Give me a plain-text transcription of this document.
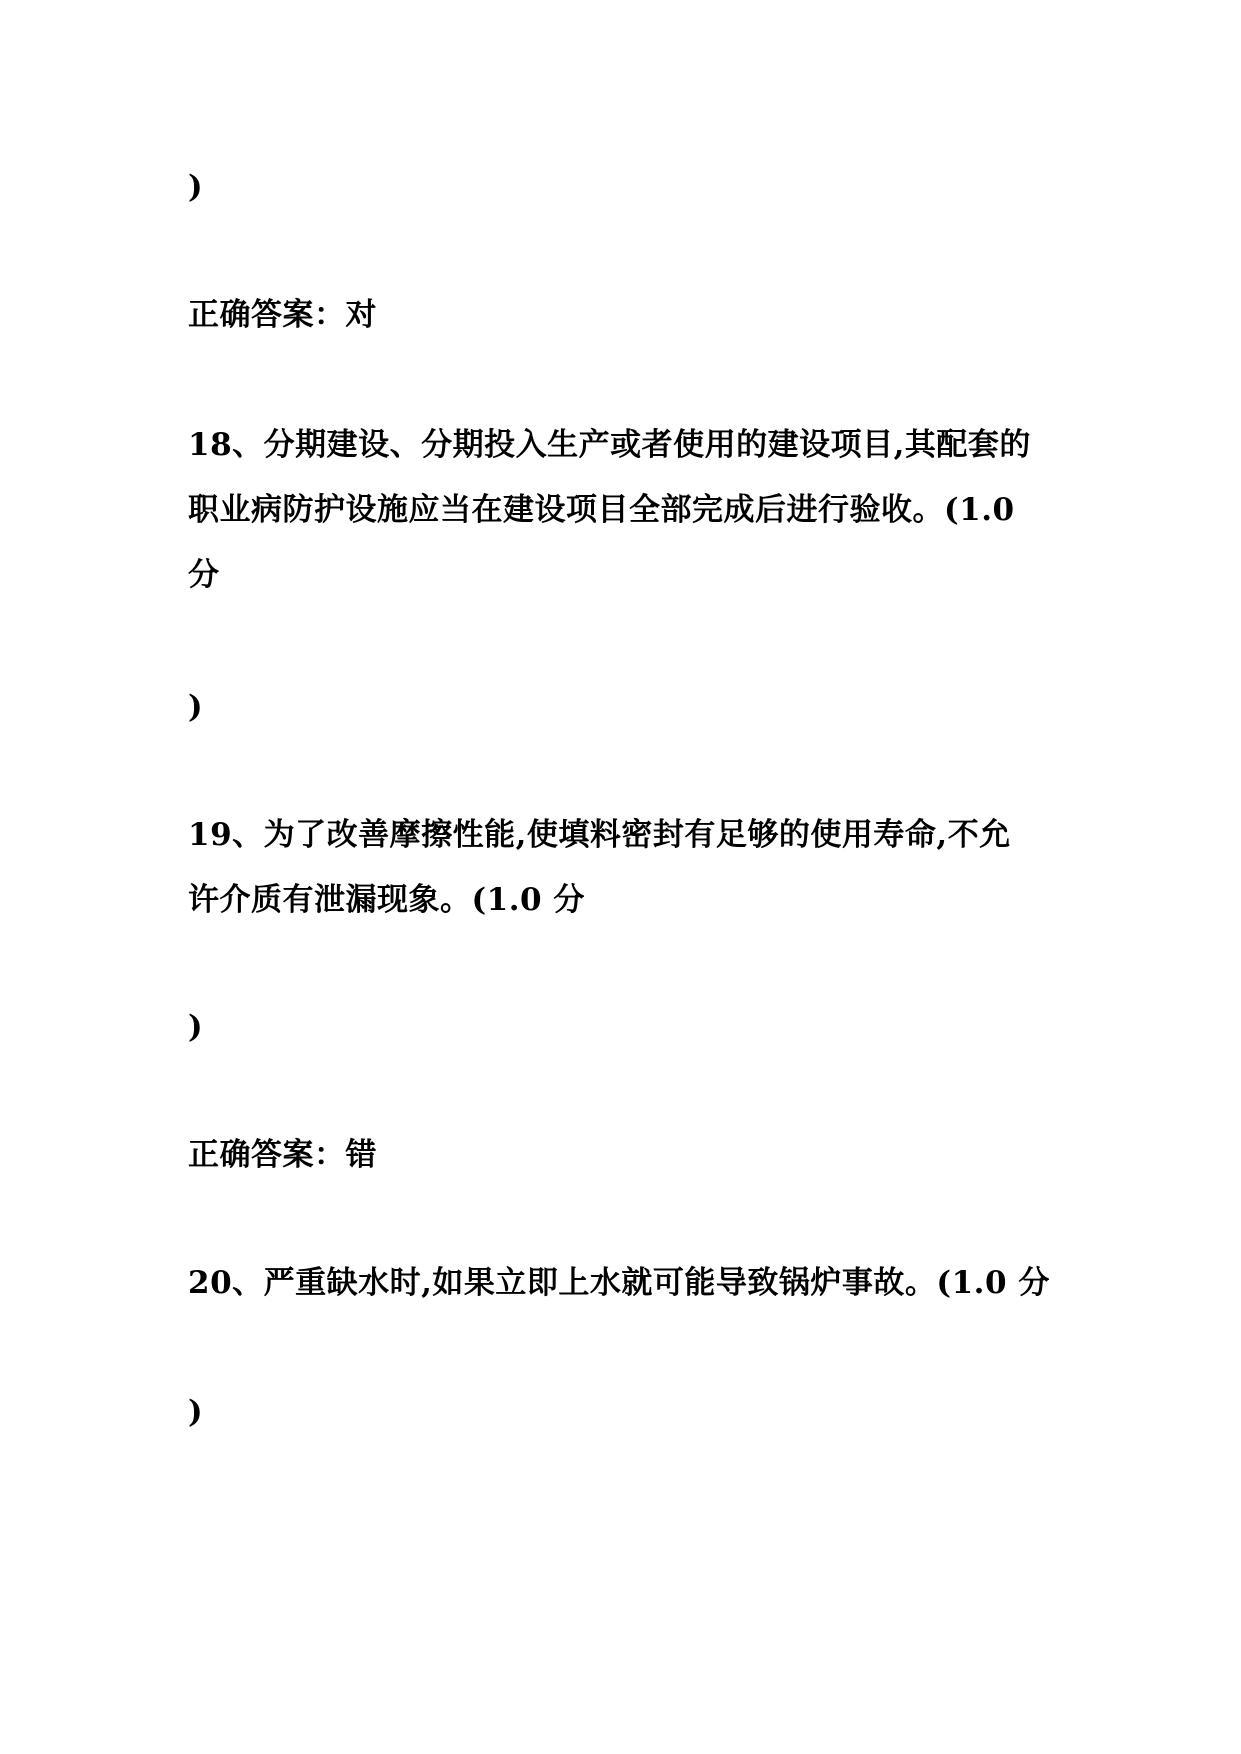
)

正确答案：对

18、分期建设、分期投入生产或者使用的建设项目,其配套的

职业病防护设施应当在建设项目全部完成后进行验收。(1.0

分

)

19、为了改善摩擦性能,使填料密封有足够的使用寿命,不允

许介质有泄漏现象。(1.0 分

)

正确答案：错

20、严重缺水时,如果立即上水就可能导致锅炉事故。(1.0 分

)
